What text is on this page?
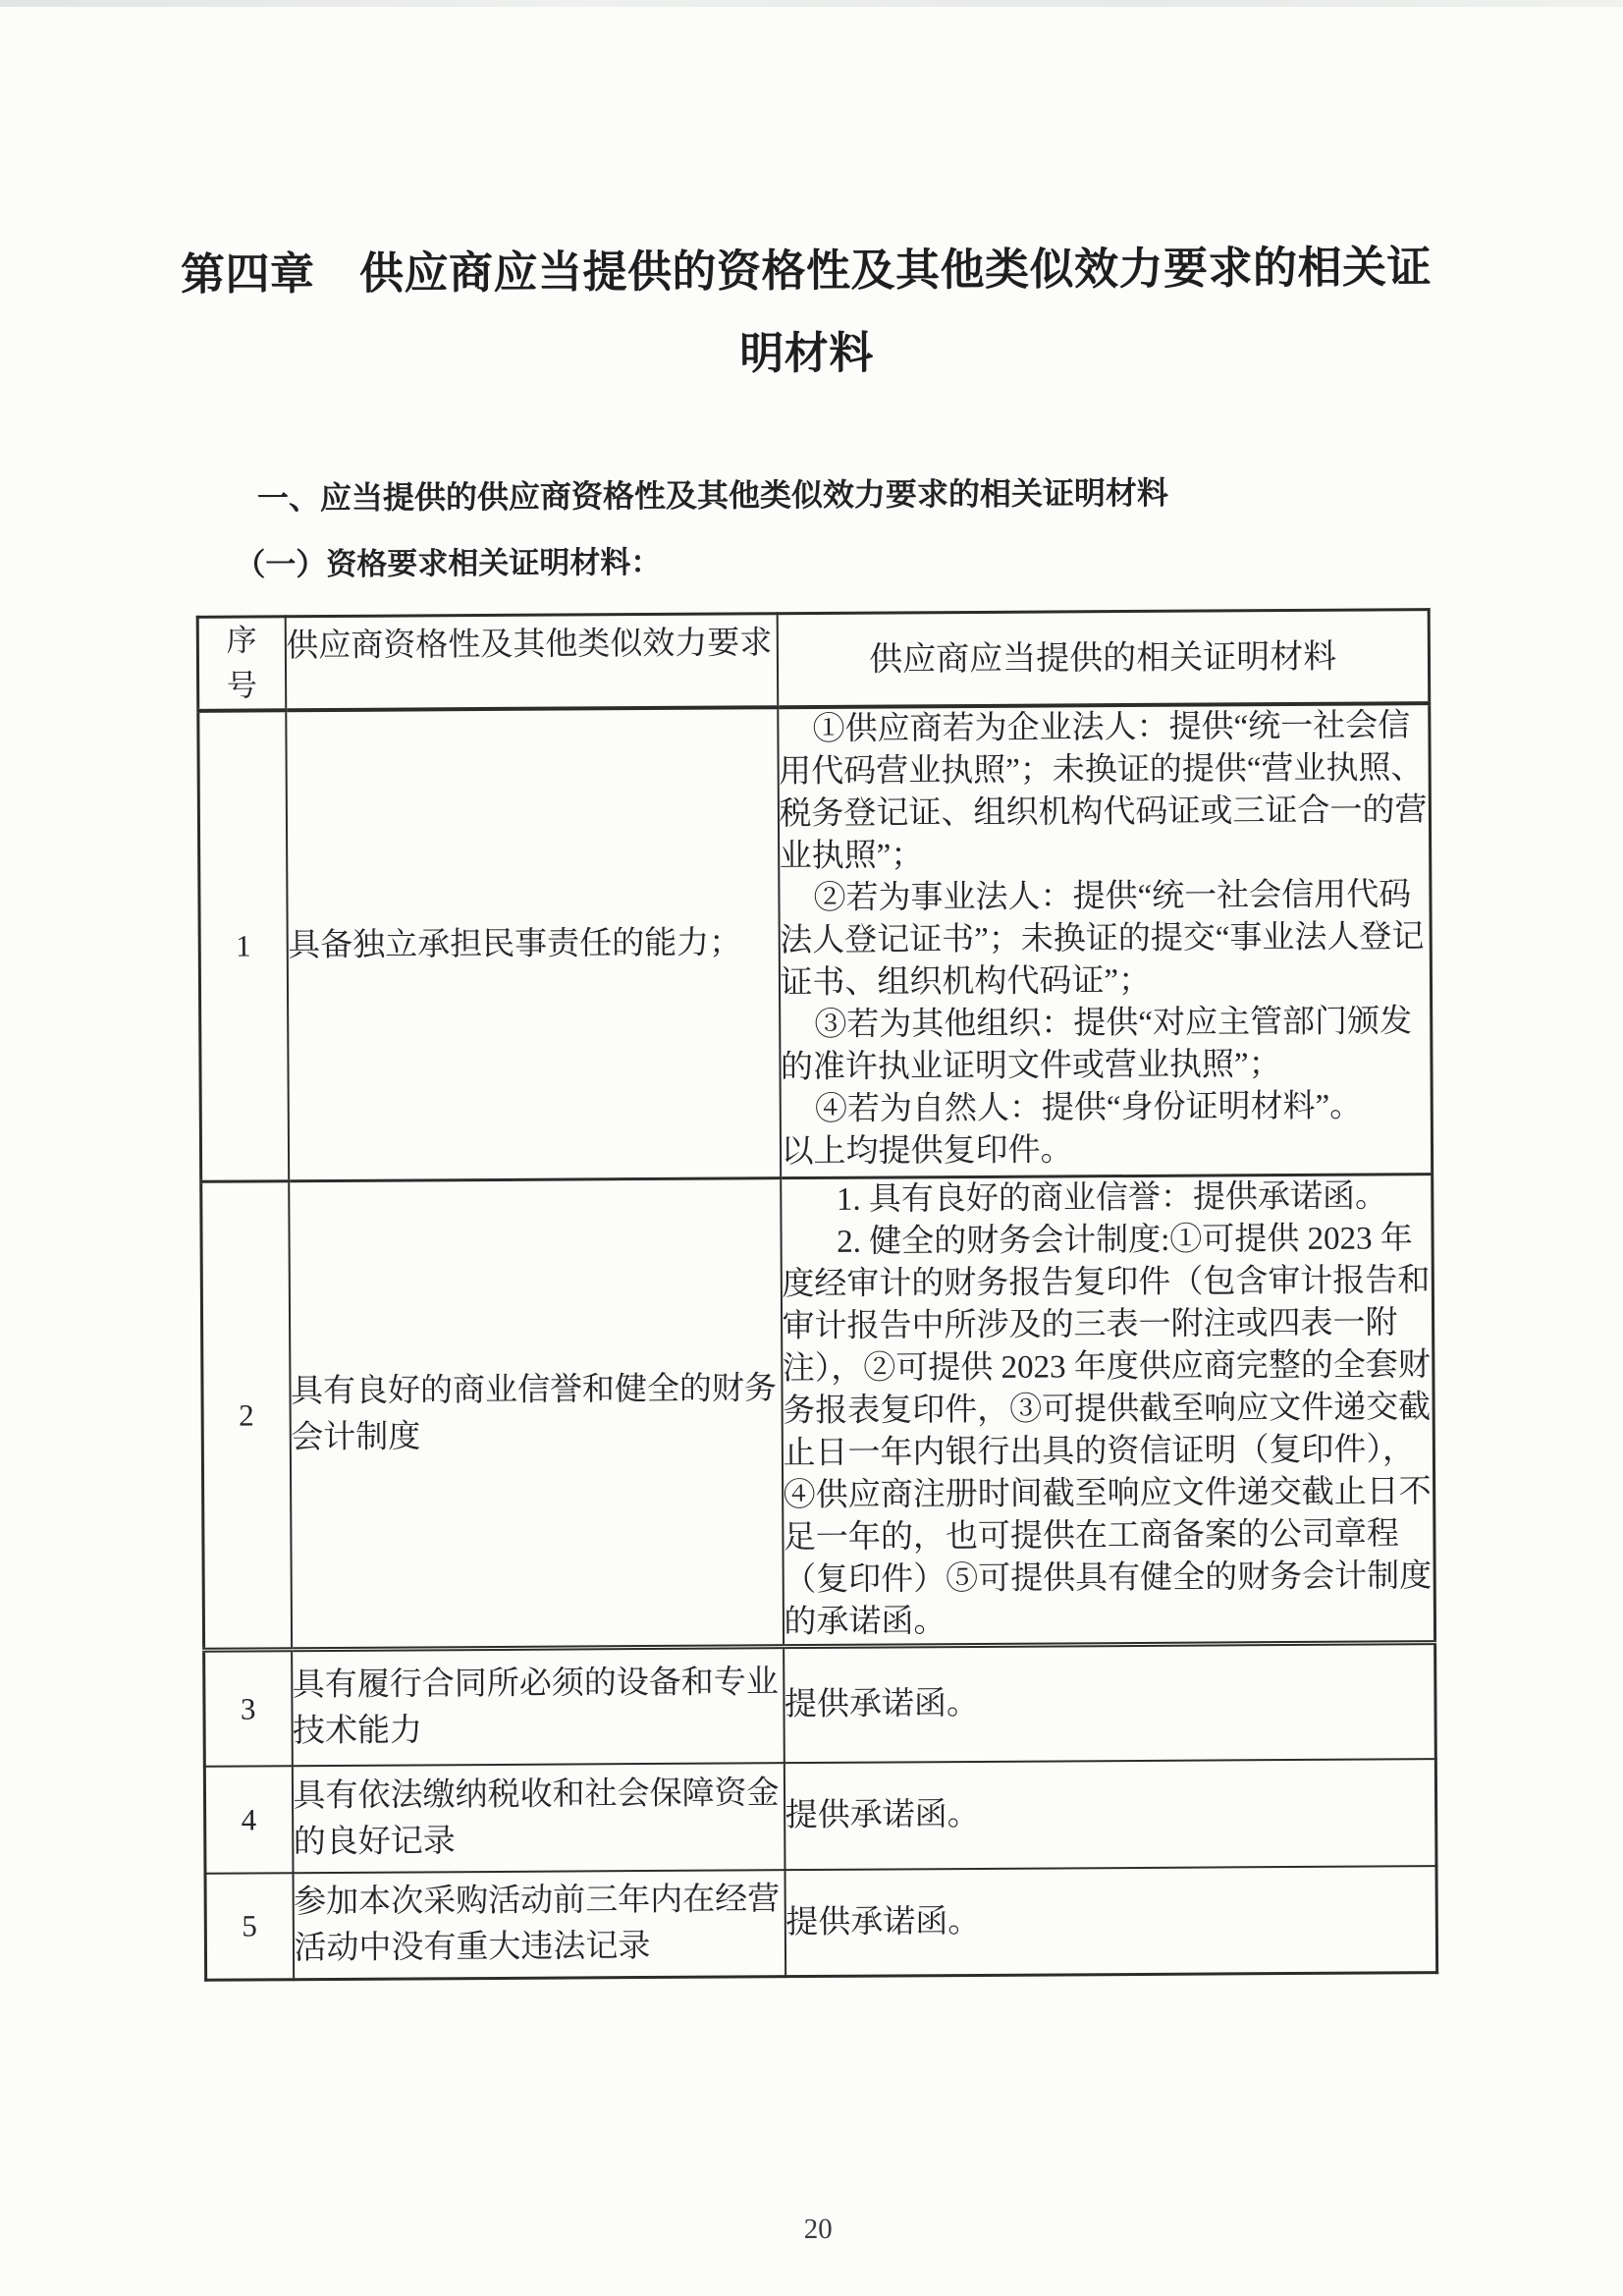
第四章　供应商应当提供的资格性及其他类似效力要求的相关证
明材料
一、应当提供的供应商资格性及其他类似效力要求的相关证明材料
（一）资格要求相关证明材料：
序号	供应商资格性及其他类似效力要求	供应商应当提供的相关证明材料
1	具备独立承担民事责任的能力；	①供应商若为企业法人：提供“统一社会信用代码营业执照”；未换证的提供“营业执照、税务登记证、组织机构代码证或三证合一的营业执照”；

②若为事业法人：提供“统一社会信用代码法人登记证书”；未换证的提交“事业法人登记证书、组织机构代码证”；

③若为其他组织：提供“对应主管部门颁发的准许执业证明文件或营业执照”；

④若为自然人：提供“身份证明材料”。

以上均提供复印件。

2	具有良好的商业信誉和健全的财务会计制度	1. 具有良好的商业信誉：提供承诺函。

2. 健全的财务会计制度:①可提供 2023 年度经审计的财务报告复印件（包含审计报告和审计报告中所涉及的三表一附注或四表一附注），②可提供 2023 年度供应商完整的全套财务报表复印件，③可提供截至响应文件递交截止日一年内银行出具的资信证明（复印件），④供应商注册时间截至响应文件递交截止日不足一年的，也可提供在工商备案的公司章程（复印件）⑤可提供具有健全的财务会计制度的承诺函。

3	具有履行合同所必须的设备和专业技术能力	提供承诺函。

4	具有依法缴纳税收和社会保障资金的良好记录	提供承诺函。

5	参加本次采购活动前三年内在经营活动中没有重大违法记录	提供承诺函。

20
